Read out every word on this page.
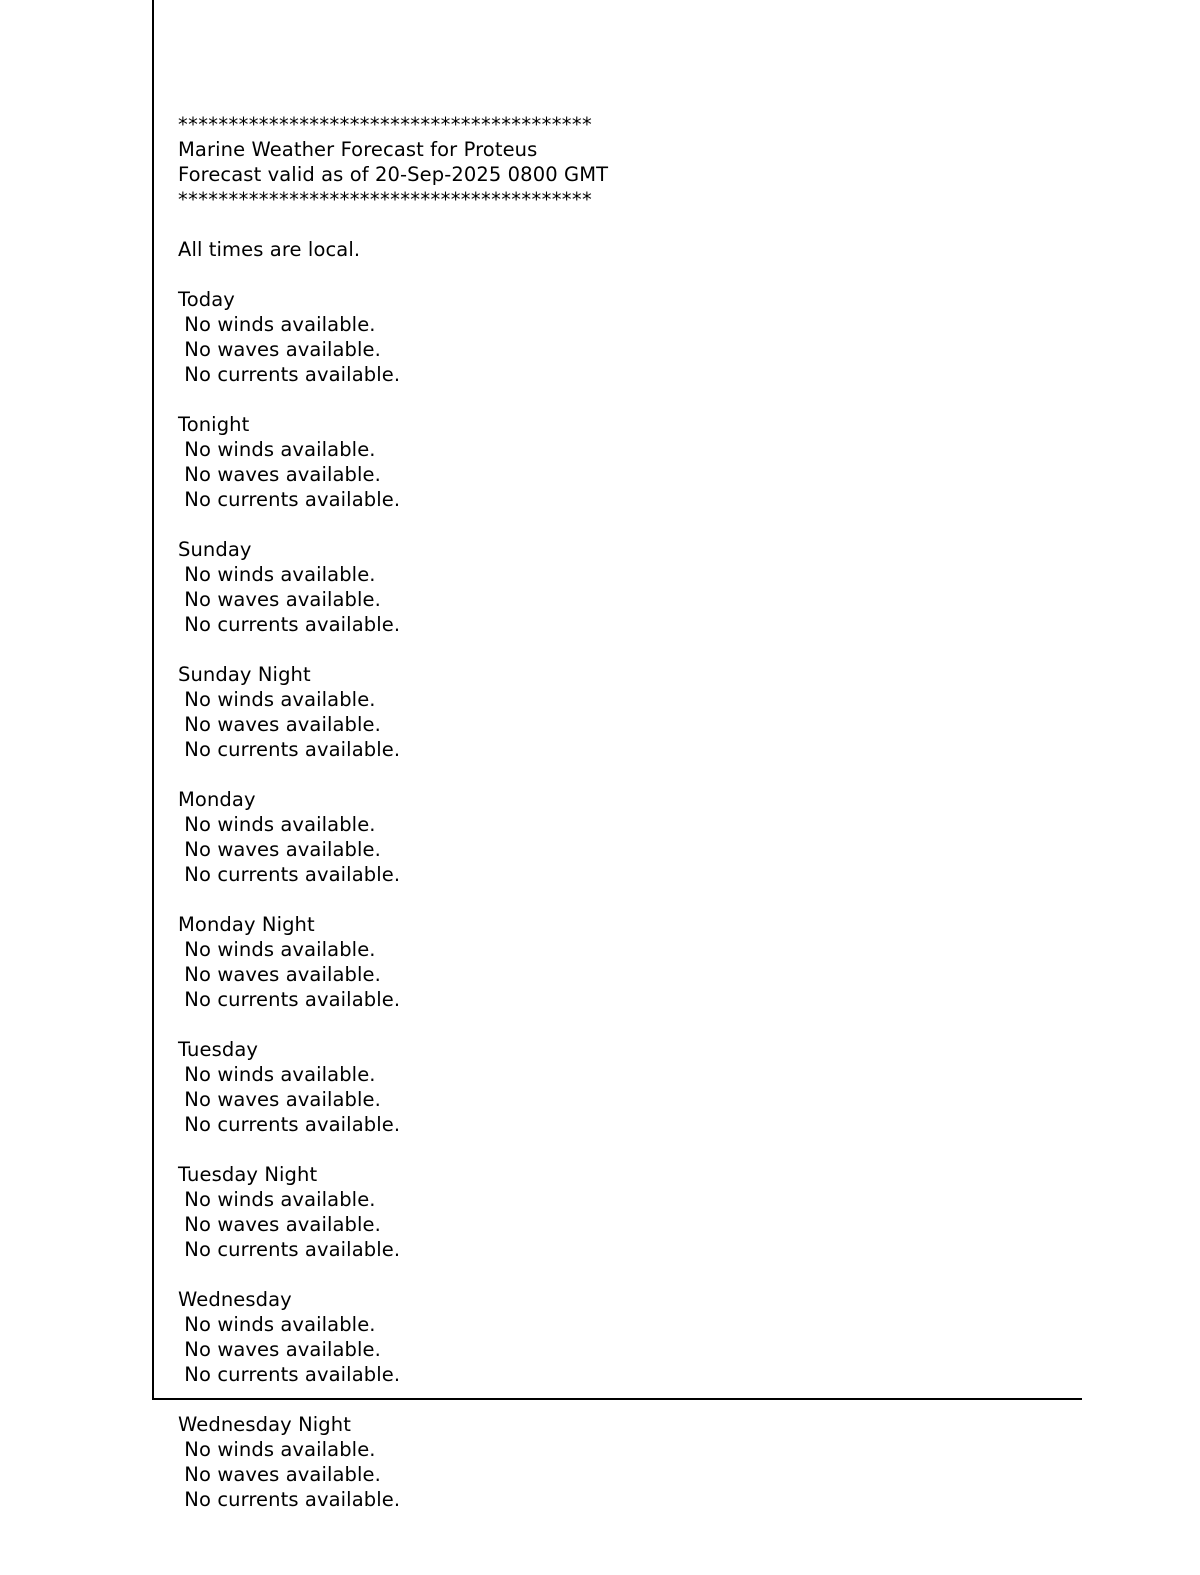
*****************************************
Marine Weather Forecast for Proteus
Forecast valid as of 20-Sep-2025 0800 GMT
*****************************************
All times are local.
Today
No winds available.
No waves available.
No currents available.
Tonight
No winds available.
No waves available.
No currents available.
Sunday
No winds available.
No waves available.
No currents available.
Sunday Night
No winds available.
No waves available.
No currents available.
Monday
No winds available.
No waves available.
No currents available.
Monday Night
No winds available.
No waves available.
No currents available.
Tuesday
No winds available.
No waves available.
No currents available.
Tuesday Night
No winds available.
No waves available.
No currents available.
Wednesday
No winds available.
No waves available.
No currents available.
Wednesday Night
No winds available.
No waves available.
No currents available.
